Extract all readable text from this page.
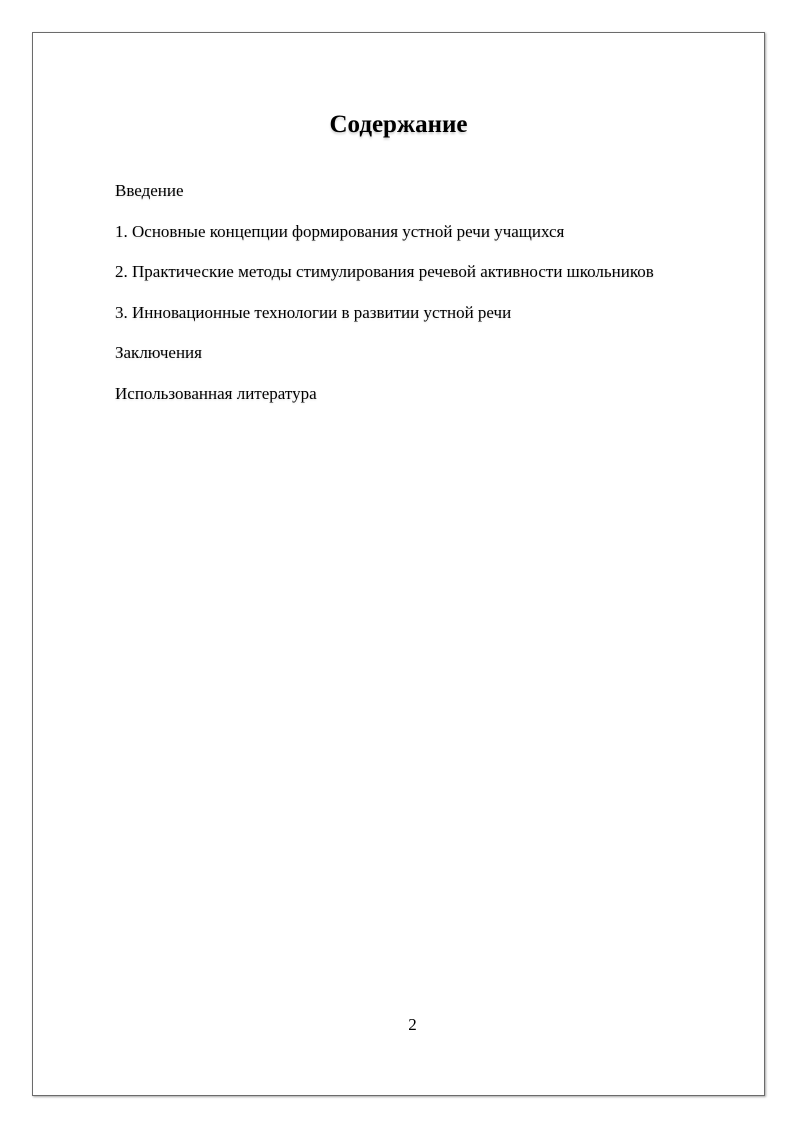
Содержание
Введение
1. Основные концепции формирования устной речи учащихся
2. Практические методы стимулирования речевой активности школьников
3. Инновационные технологии в развитии устной речи
Заключения
Использованная литература
2
